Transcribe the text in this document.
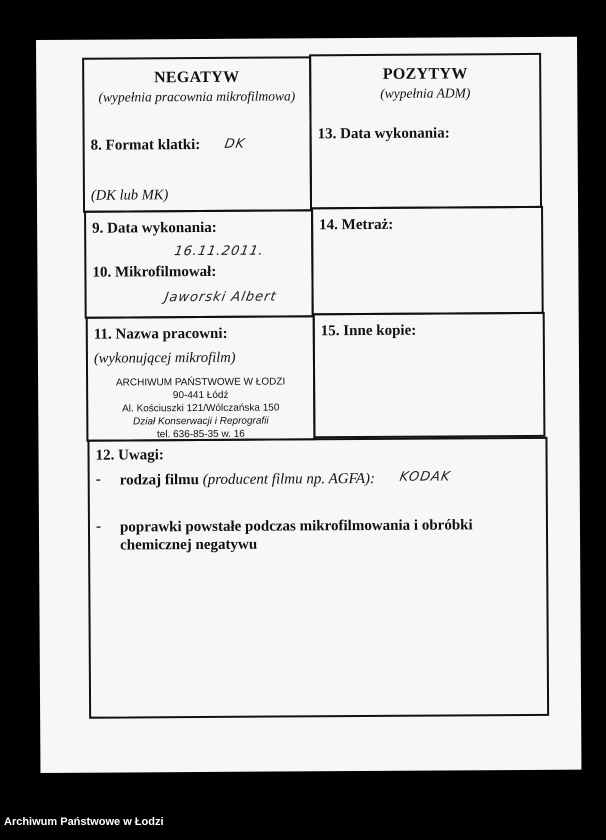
NEGATYW
(wypełnia pracownia mikrofilmowa)
8. Format klatki: DK
(DK lub MK)
POZYTYW
(wypełnia ADM)
13. Data wykonania:
9. Data wykonania:
16.11.2011.
10. Mikrofilmował:
Jaworski Albert
14. Metraż:
11. Nazwa pracowni:
(wykonującej mikrofilm)
ARCHIWUM PAŃSTWOWE W ŁODZI
90-441 Łódź
Al. Kościuszki 121/Wólczańska 150
Dział Konserwacji i Reprografii
tel. 636-85-35 w. 16
15. Inne kopie:
12. Uwagi:
- rodzaj filmu (producent filmu np. AGFA): KODAK
- poprawki powstałe podczas mikrofilmowania i obróbki
chemicznej negatywu
Archiwum Państwowe w Łodzi
